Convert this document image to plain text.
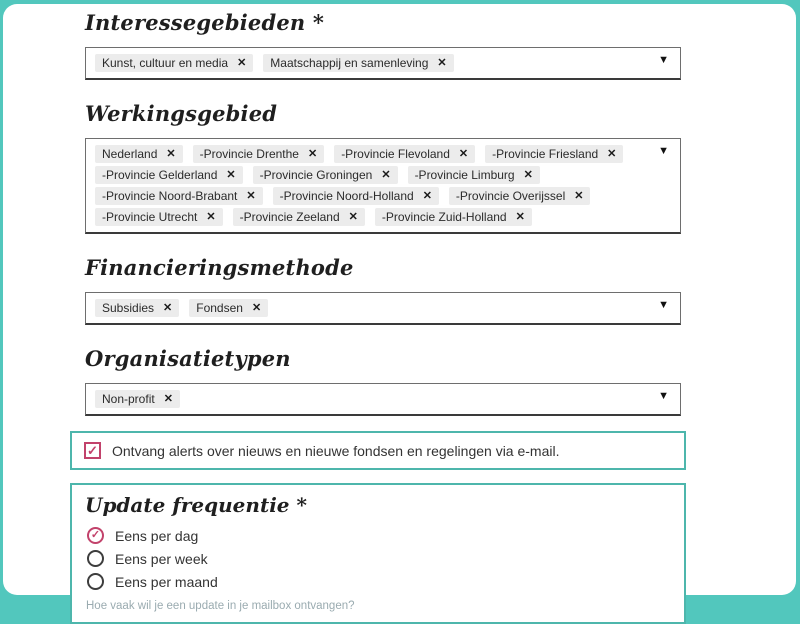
Interessegebieden *
Kunst, cultuur en media ✕ Maatschappij en samenleving ✕	▼
Werkingsgebied
Nederland ✕ -Provincie Drenthe ✕ -Provincie Flevoland ✕ -Provincie Friesland ✕
-Provincie Gelderland ✕ -Provincie Groningen ✕ -Provincie Limburg ✕
-Provincie Noord-Brabant ✕ -Provincie Noord-Holland ✕ -Provincie Overijssel ✕
-Provincie Utrecht ✕ -Provincie Zeeland ✕ -Provincie Zuid-Holland ✕
▼
Financieringsmethode
Subsidies ✕ Fondsen ✕	▼
Organisatietypen
Non-profit ✕	▼
✓ Ontvang alerts over nieuws en nieuwe fondsen en regelingen via e-mail.
Update frequentie *
✓ Eens per dag
Eens per week
Eens per maand
Hoe vaak wil je een update in je mailbox ontvangen?
